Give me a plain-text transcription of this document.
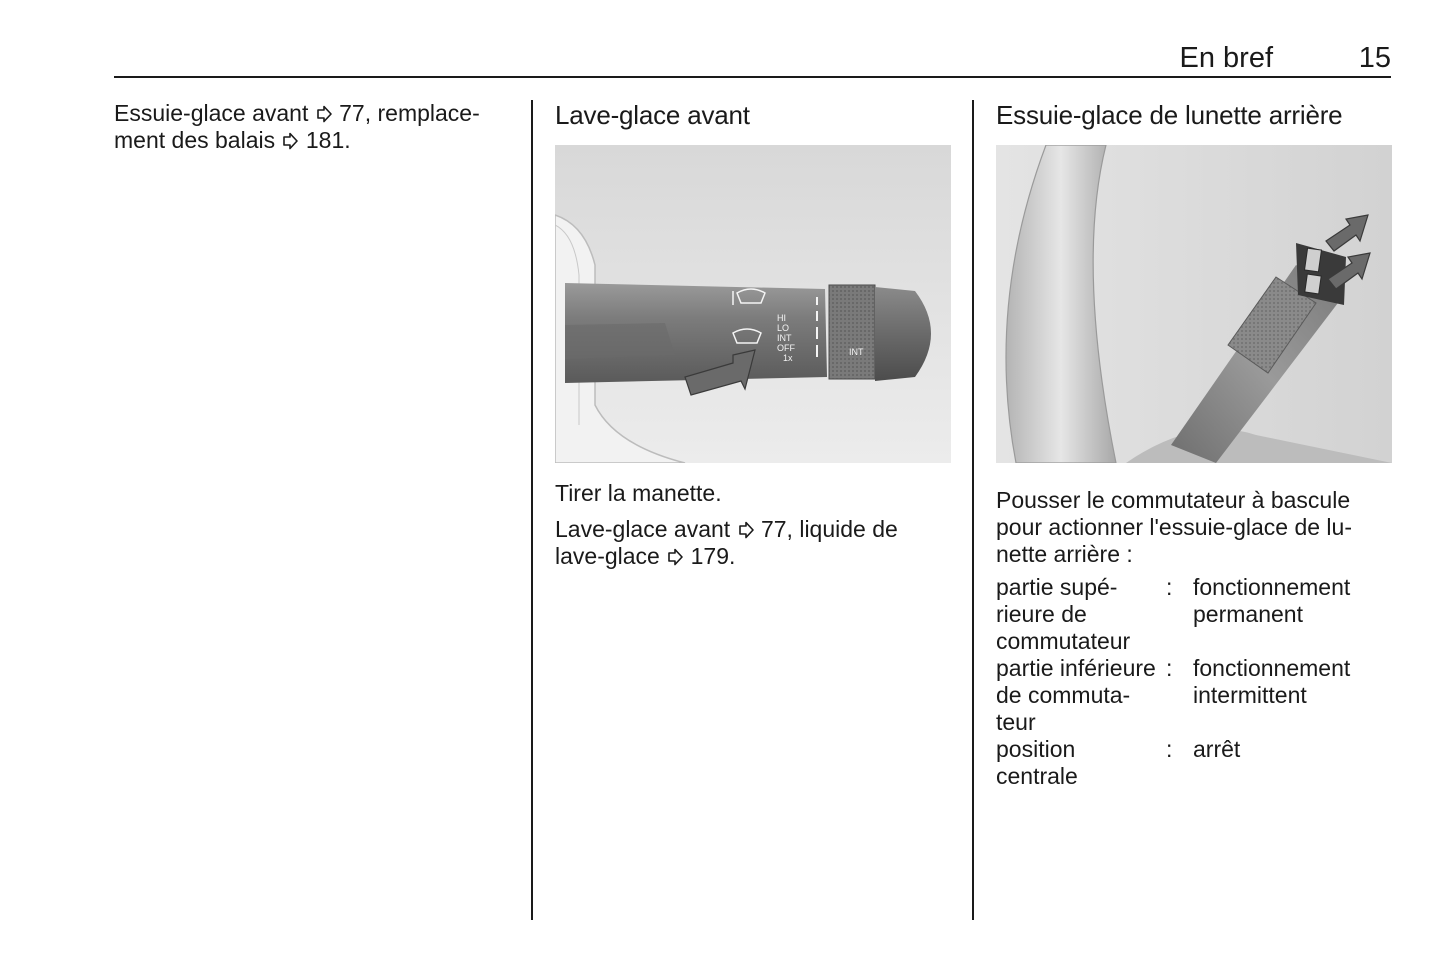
En bref	15

Essuie-glace avant  77, remplace-
ment des balais  181.

Lave-glace avant
HI
LO
INT
OFF
1x
INT

Tirer la manette.

Lave-glace avant  77, liquide de
lave-glace  179.

Essuie-glace de lunette arrière

Pousser le commutateur à bascule
pour actionner l'essuie-glace de lu-
nette arrière :

partie supé-
rieure de
commutateur
: fonctionnement
permanent
partie inférieure
de commuta-
teur
: fonctionnement
intermittent
position
centrale
: arrêt
